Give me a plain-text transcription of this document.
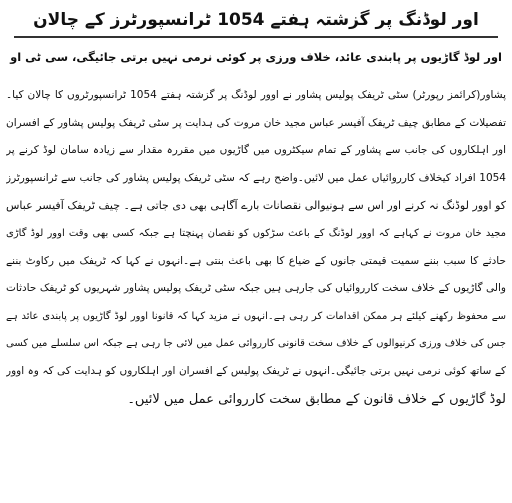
اور لوڈنگ پر گزشتہ ہفتے 1054 ٹرانسپورٹرز کے چالان
اور لوڈ گاڑیوں پر پابندی عائد، خلاف ورزی پر کوئی نرمی نہیں برتی جائیگی، سی ٹی او
پشاور(کرائمز رپورٹر) سٹی ٹریفک پولیس پشاور نے اوور لوڈنگ پر گزشتہ ہفتے 1054 ٹرانسپورٹروں کا چالان کیا۔
تفصیلات کے مطابق چیف ٹریفک آفیسر عباس مجید خان مروت کی ہدایت پر سٹی ٹریفک پولیس پشاور کے افسران
اور اہلکاروں کی جانب سے پشاور کے تمام سیکٹروں میں گاڑیوں میں مقررہ مقدار سے زیادہ سامان لوڈ کرنے پر
1054 افراد کیخلاف کارروائیاں عمل میں لائیں۔واضح رہے کہ سٹی ٹریفک پولیس پشاور کی جانب سے ٹرانسپورٹرز
کو اوور لوڈنگ نہ کرنے اور اس سے ہونیوالی نقصانات بارے آگاہی بھی دی جاتی ہے۔ چیف ٹریفک آفیسر عباس
مجید خان مروت نے کہاہے کہ اوور لوڈنگ کے باعث سڑکوں کو نقصان پہنچتا ہے جبکہ کسی بھی وقت اوور لوڈ گاڑی
حادثے کا سبب بننے سمیت قیمتی جانوں کے ضیاع کا بھی باعث بنتی ہے۔انہوں نے کہا کہ ٹریفک میں رکاوٹ بننے
والی گاڑیوں کے خلاف سخت کارروائیاں کی جارہی ہیں جبکہ سٹی ٹریفک پولیس پشاور شہریوں کو ٹریفک حادثات
سے محفوظ رکھنے کیلئے ہر ممکن اقدامات کر رہی ہے۔انہوں نے مزید کہا کہ قانونا اوور لوڈ گاڑیوں پر پابندی عائد ہے
جس کی خلاف ورزی کرنیوالوں کے خلاف سخت قانونی کارروائی عمل میں لائی جا رہی ہے جبکہ اس سلسلے میں کسی
کے ساتھ کوئی نرمی نہیں برتی جائیگی۔انہوں نے ٹریفک پولیس کے افسران اور اہلکاروں کو ہدایت کی کہ وہ اوور
لوڈ گاڑیوں کے خلاف قانون کے مطابق سخت کارروائی عمل میں لائیں۔
